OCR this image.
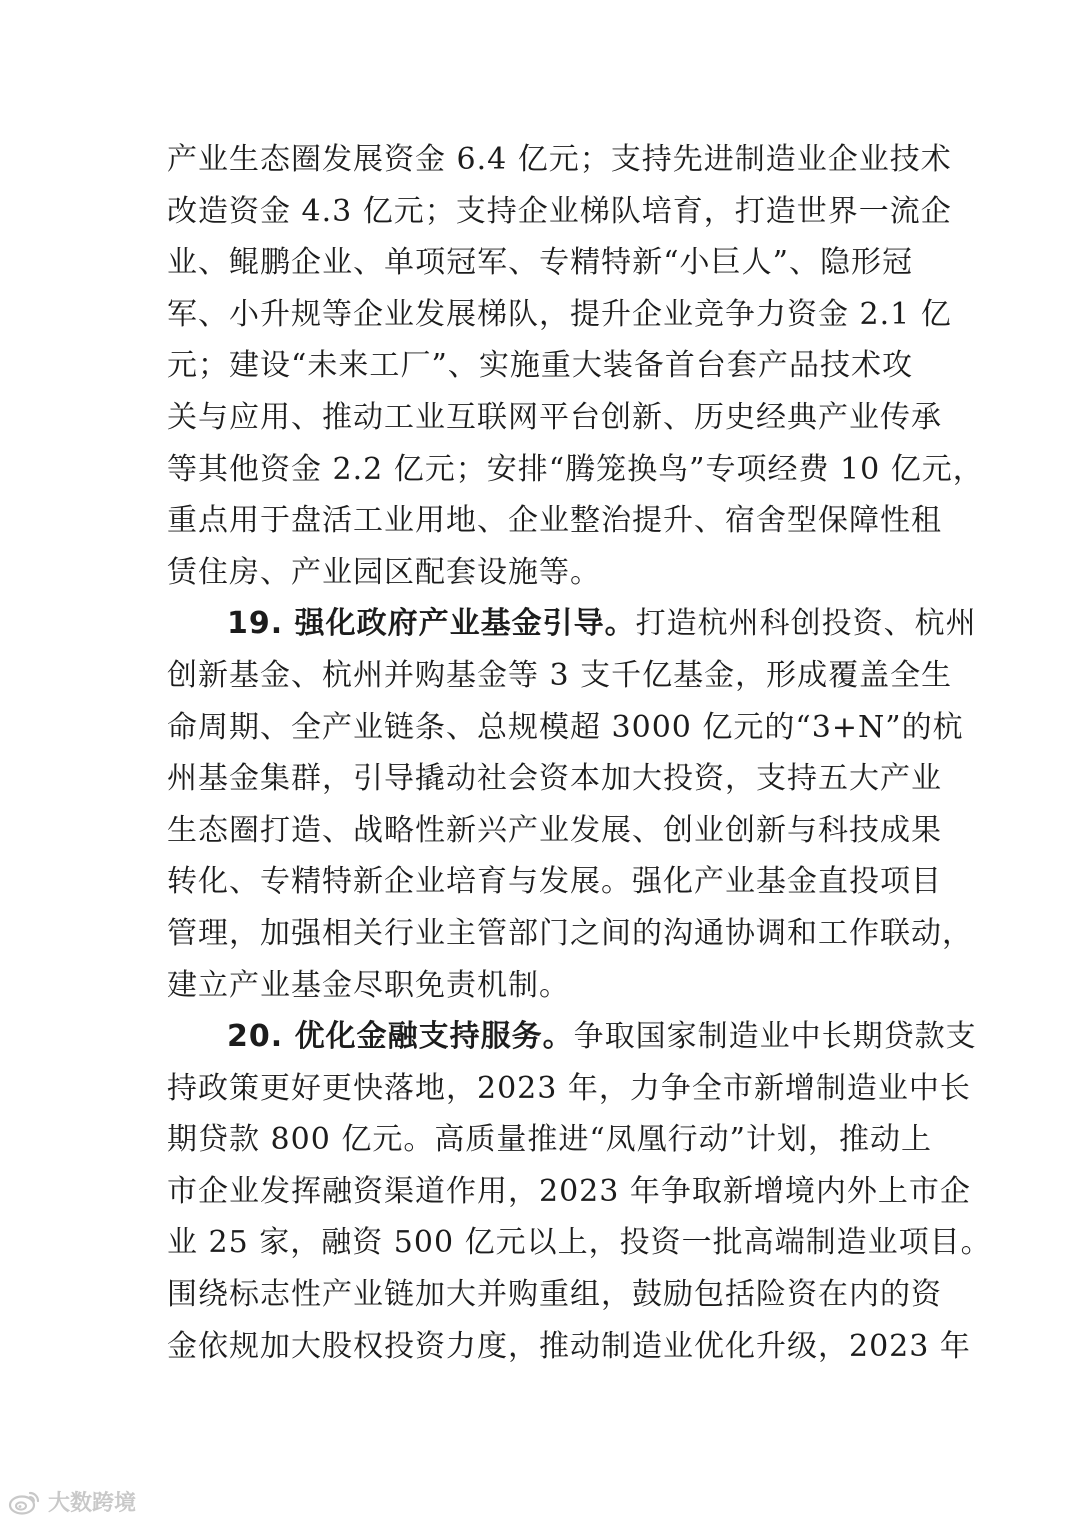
产业生态圈发展资金 6.4 亿元；支持先进制造业企业技术
改造资金 4.3 亿元；支持企业梯队培育，打造世界一流企
业、鲲鹏企业、单项冠军、专精特新“小巨人”、隐形冠
军、小升规等企业发展梯队，提升企业竞争力资金 2.1 亿
元；建设“未来工厂”、实施重大装备首台套产品技术攻
关与应用、推动工业互联网平台创新、历史经典产业传承
等其他资金 2.2 亿元；安排“腾笼换鸟”专项经费 10 亿元，
重点用于盘活工业用地、企业整治提升、宿舍型保障性租
赁住房、产业园区配套设施等。
19. 强化政府产业基金引导。打造杭州科创投资、杭州
创新基金、杭州并购基金等 3 支千亿基金，形成覆盖全生
命周期、全产业链条、总规模超 3000 亿元的“3+N”的杭
州基金集群，引导撬动社会资本加大投资，支持五大产业
生态圈打造、战略性新兴产业发展、创业创新与科技成果
转化、专精特新企业培育与发展。强化产业基金直投项目
管理，加强相关行业主管部门之间的沟通协调和工作联动，
建立产业基金尽职免责机制。
20. 优化金融支持服务。争取国家制造业中长期贷款支
持政策更好更快落地，2023 年，力争全市新增制造业中长
期贷款 800 亿元。高质量推进“凤凰行动”计划，推动上
市企业发挥融资渠道作用，2023 年争取新增境内外上市企
业 25 家，融资 500 亿元以上，投资一批高端制造业项目。
围绕标志性产业链加大并购重组，鼓励包括险资在内的资
金依规加大股权投资力度，推动制造业优化升级，2023 年
大数跨境
